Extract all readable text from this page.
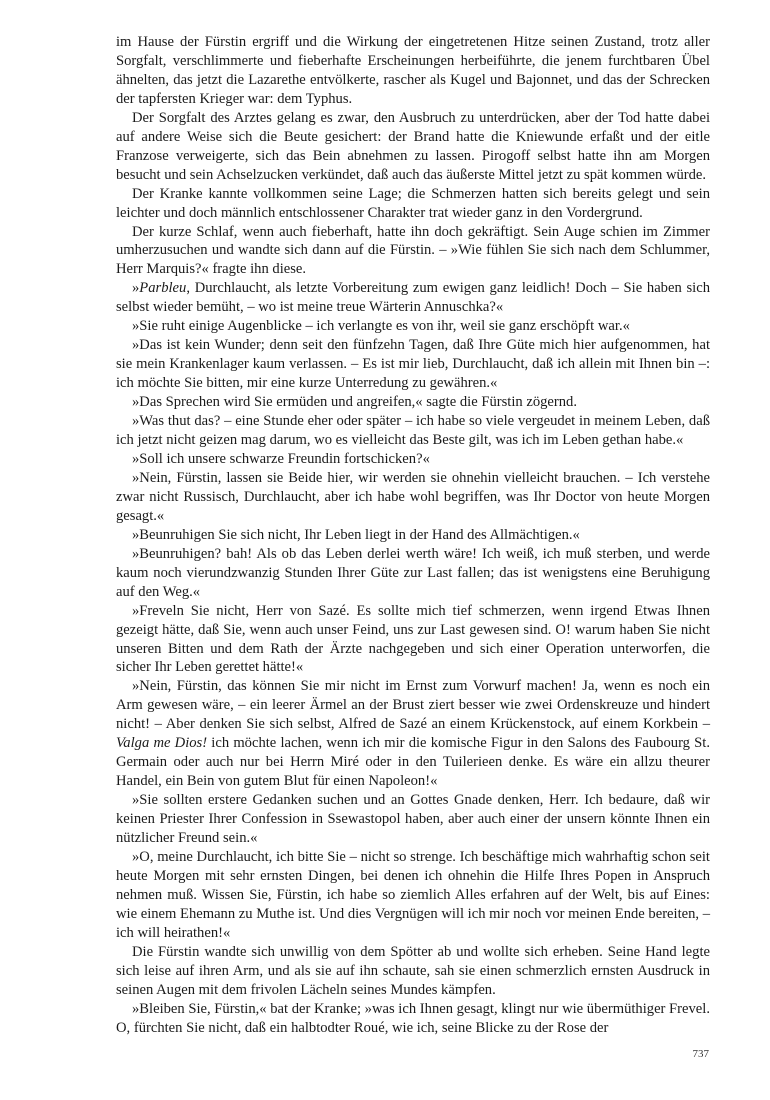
im Hause der Fürstin ergriff und die Wirkung der eingetretenen Hitze seinen Zustand, trotz aller Sorgfalt, verschlimmerte und fieberhafte Erscheinungen herbeiführte, die jenem furchtbaren Übel ähnelten, das jetzt die Lazarethe entvölkerte, rascher als Kugel und Bajonnet, und das der Schrecken der tapfersten Krieger war: dem Typhus.

Der Sorgfalt des Arztes gelang es zwar, den Ausbruch zu unterdrücken, aber der Tod hatte dabei auf andere Weise sich die Beute gesichert: der Brand hatte die Kniewunde erfaßt und der eitle Franzose verweigerte, sich das Bein abnehmen zu lassen. Pirogoff selbst hatte ihn am Morgen besucht und sein Achselzucken verkündet, daß auch das äußerste Mittel jetzt zu spät kommen würde.

Der Kranke kannte vollkommen seine Lage; die Schmerzen hatten sich bereits gelegt und sein leichter und doch männlich entschlossener Charakter trat wieder ganz in den Vordergrund.

Der kurze Schlaf, wenn auch fieberhaft, hatte ihn doch gekräftigt. Sein Auge schien im Zimmer umherzusuchen und wandte sich dann auf die Fürstin. – »Wie fühlen Sie sich nach dem Schlummer, Herr Marquis?« fragte ihn diese.

»Parbleu, Durchlaucht, als letzte Vorbereitung zum ewigen ganz leidlich! Doch – Sie haben sich selbst wieder bemüht, – wo ist meine treue Wärterin Annuschka?«

»Sie ruht einige Augenblicke – ich verlangte es von ihr, weil sie ganz erschöpft war.«

»Das ist kein Wunder; denn seit den fünfzehn Tagen, daß Ihre Güte mich hier aufgenommen, hat sie mein Krankenlager kaum verlassen. – Es ist mir lieb, Durchlaucht, daß ich allein mit Ihnen bin –: ich möchte Sie bitten, mir eine kurze Unterredung zu gewähren.«

»Das Sprechen wird Sie ermüden und angreifen,« sagte die Fürstin zögernd.

»Was thut das? – eine Stunde eher oder später – ich habe so viele vergeudet in meinem Leben, daß ich jetzt nicht geizen mag darum, wo es vielleicht das Beste gilt, was ich im Leben gethan habe.«

»Soll ich unsere schwarze Freundin fortschicken?«

»Nein, Fürstin, lassen sie Beide hier, wir werden sie ohnehin vielleicht brauchen. – Ich verstehe zwar nicht Russisch, Durchlaucht, aber ich habe wohl begriffen, was Ihr Doctor von heute Morgen gesagt.«

»Beunruhigen Sie sich nicht, Ihr Leben liegt in der Hand des Allmächtigen.«

»Beunruhigen? bah! Als ob das Leben derlei werth wäre! Ich weiß, ich muß sterben, und werde kaum noch vierundzwanzig Stunden Ihrer Güte zur Last fallen; das ist wenigstens eine Beruhigung auf den Weg.«

»Freveln Sie nicht, Herr von Sazé. Es sollte mich tief schmerzen, wenn irgend Etwas Ihnen gezeigt hätte, daß Sie, wenn auch unser Feind, uns zur Last gewesen sind. O! warum haben Sie nicht unseren Bitten und dem Rath der Ärzte nachgegeben und sich einer Operation unterworfen, die sicher Ihr Leben gerettet hätte!«

»Nein, Fürstin, das können Sie mir nicht im Ernst zum Vorwurf machen! Ja, wenn es noch ein Arm gewesen wäre, – ein leerer Ärmel an der Brust ziert besser wie zwei Ordenskreuze und hindert nicht! – Aber denken Sie sich selbst, Alfred de Sazé an einem Krückenstock, auf einem Korkbein – Valga me Dios! ich möchte lachen, wenn ich mir die komische Figur in den Salons des Faubourg St. Germain oder auch nur bei Herrn Miré oder in den Tuilerieen denke. Es wäre ein allzu theurer Handel, ein Bein von gutem Blut für einen Napoleon!«

»Sie sollten erstere Gedanken suchen und an Gottes Gnade denken, Herr. Ich bedaure, daß wir keinen Priester Ihrer Confession in Ssewastopol haben, aber auch einer der unsern könnte Ihnen ein nützlicher Freund sein.«

»O, meine Durchlaucht, ich bitte Sie – nicht so strenge. Ich beschäftige mich wahrhaftig schon seit heute Morgen mit sehr ernsten Dingen, bei denen ich ohnehin die Hilfe Ihres Popen in Anspruch nehmen muß. Wissen Sie, Fürstin, ich habe so ziemlich Alles erfahren auf der Welt, bis auf Eines: wie einem Ehemann zu Muthe ist. Und dies Vergnügen will ich mir noch vor meinen Ende bereiten, – ich will heirathen!«

Die Fürstin wandte sich unwillig von dem Spötter ab und wollte sich erheben. Seine Hand legte sich leise auf ihren Arm, und als sie auf ihn schaute, sah sie einen schmerzlich ernsten Ausdruck in seinen Augen mit dem frivolen Lächeln seines Mundes kämpfen.

»Bleiben Sie, Fürstin,« bat der Kranke; »was ich Ihnen gesagt, klingt nur wie übermüthiger Frevel. O, fürchten Sie nicht, daß ein halbtodter Roué, wie ich, seine Blicke zu der Rose der

737
